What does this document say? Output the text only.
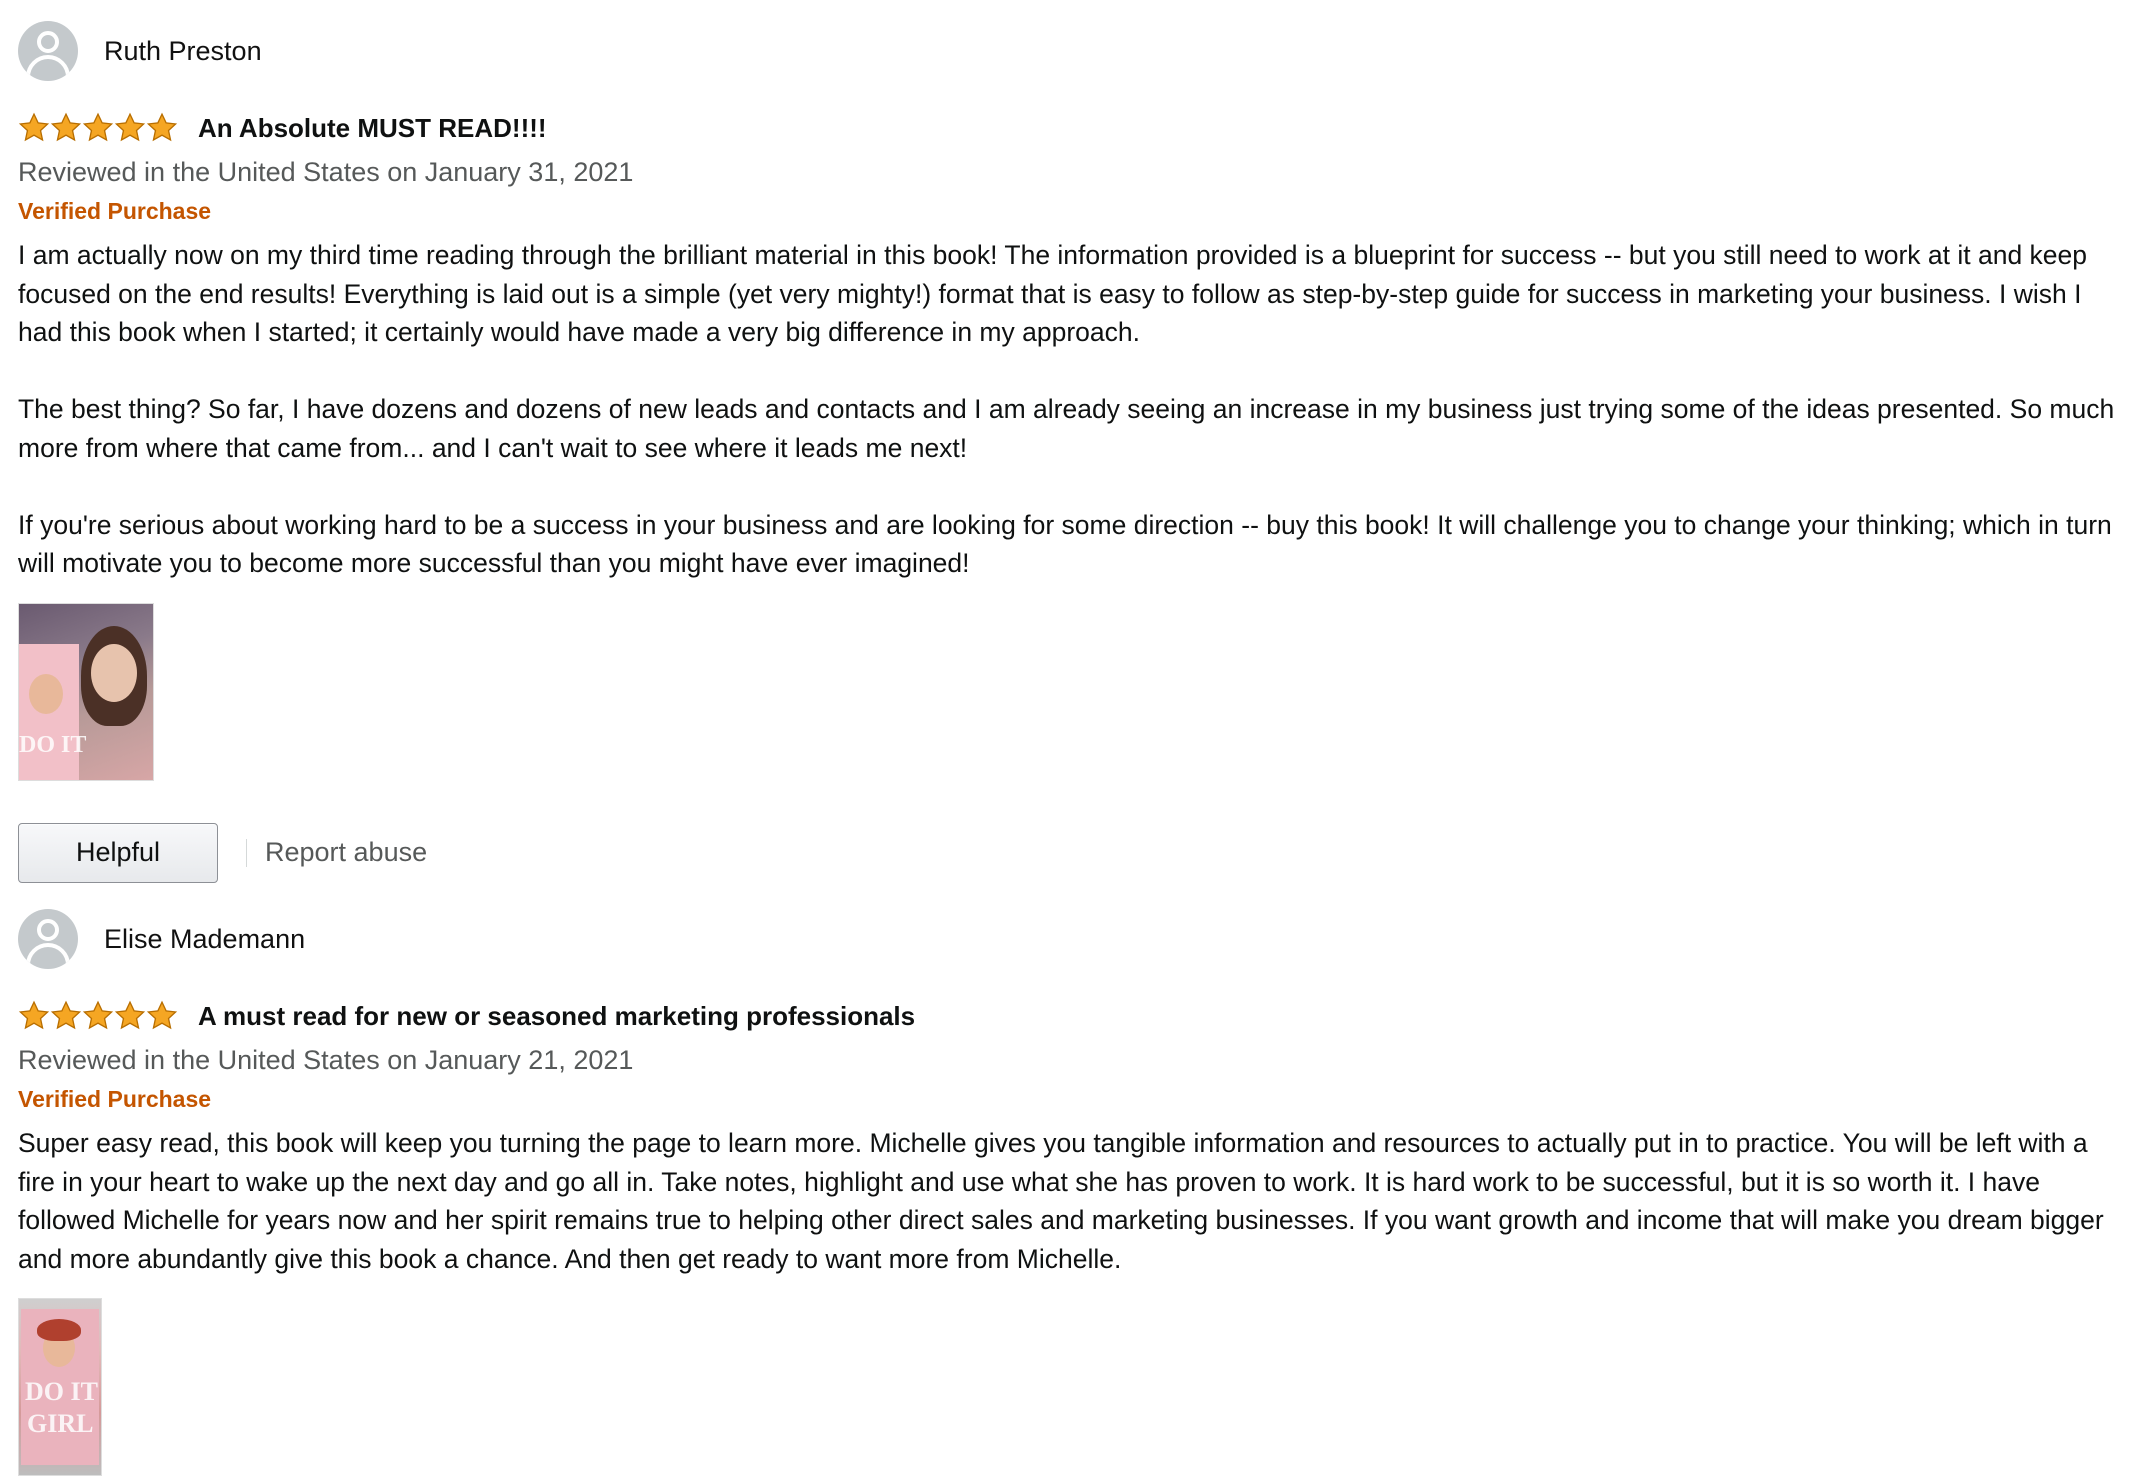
Ruth Preston
An Absolute MUST READ!!!!
Reviewed in the United States on January 31, 2021
Verified Purchase

I am actually now on my third time reading through the brilliant material in this book! The information provided is a blueprint for success -- but you still need to work at it and keep focused on the end results! Everything is laid out is a simple (yet very mighty!) format that is easy to follow as step-by-step guide for success in marketing your business. I wish I had this book when I started; it certainly would have made a very big difference in my approach.

The best thing? So far, I have dozens and dozens of new leads and contacts and I am already seeing an increase in my business just trying some of the ideas presented. So much more from where that came from... and I can't wait to see where it leads me next!

If you're serious about working hard to be a success in your business and are looking for some direction -- buy this book! It will challenge you to change your thinking; which in turn will motivate you to become more successful than you might have ever imagined!

DO IT
Helpful	Report abuse
Elise Mademann
A must read for new or seasoned marketing professionals
Reviewed in the United States on January 21, 2021
Verified Purchase

Super easy read, this book will keep you turning the page to learn more. Michelle gives you tangible information and resources to actually put in to practice. You will be left with a fire in your heart to wake up the next day and go all in. Take notes, highlight and use what she has proven to work. It is hard work to be successful, but it is so worth it. I have followed Michelle for years now and her spirit remains true to helping other direct sales and marketing businesses. If you want growth and income that will make you dream bigger and more abundantly give this book a chance. And then get ready to want more from Michelle.

DO IT
GIRL
